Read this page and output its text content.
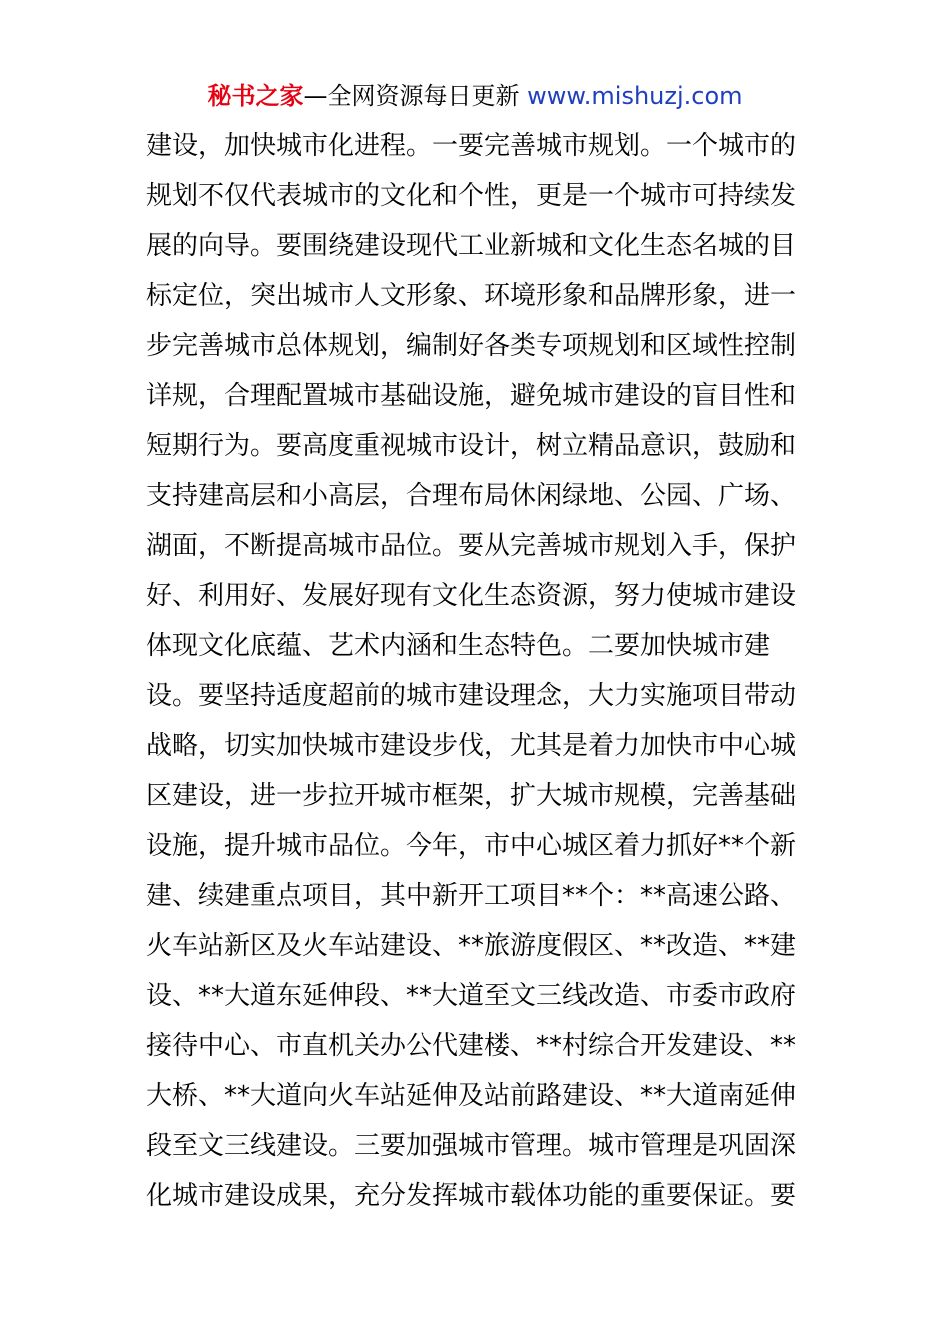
秘书之家—全网资源每日更新 www.mishuzj.com
建设，加快城市化进程。一要完善城市规划。一个城市的
规划不仅代表城市的文化和个性，更是一个城市可持续发
展的向导。要围绕建设现代工业新城和文化生态名城的目
标定位，突出城市人文形象、环境形象和品牌形象，进一
步完善城市总体规划，编制好各类专项规划和区域性控制
详规，合理配置城市基础设施，避免城市建设的盲目性和
短期行为。要高度重视城市设计，树立精品意识，鼓励和
支持建高层和小高层，合理布局休闲绿地、公园、广场、
湖面，不断提高城市品位。要从完善城市规划入手，保护
好、利用好、发展好现有文化生态资源，努力使城市建设
体现文化底蕴、艺术内涵和生态特色。二要加快城市建
设。要坚持适度超前的城市建设理念，大力实施项目带动
战略，切实加快城市建设步伐，尤其是着力加快市中心城
区建设，进一步拉开城市框架，扩大城市规模，完善基础
设施，提升城市品位。今年，市中心城区着力抓好**个新
建、续建重点项目，其中新开工项目**个：**高速公路、
火车站新区及火车站建设、**旅游度假区、**改造、**建
设、**大道东延伸段、**大道至文三线改造、市委市政府
接待中心、市直机关办公代建楼、**村综合开发建设、**
大桥、**大道向火车站延伸及站前路建设、**大道南延伸
段至文三线建设。三要加强城市管理。城市管理是巩固深
化城市建设成果，充分发挥城市载体功能的重要保证。要
